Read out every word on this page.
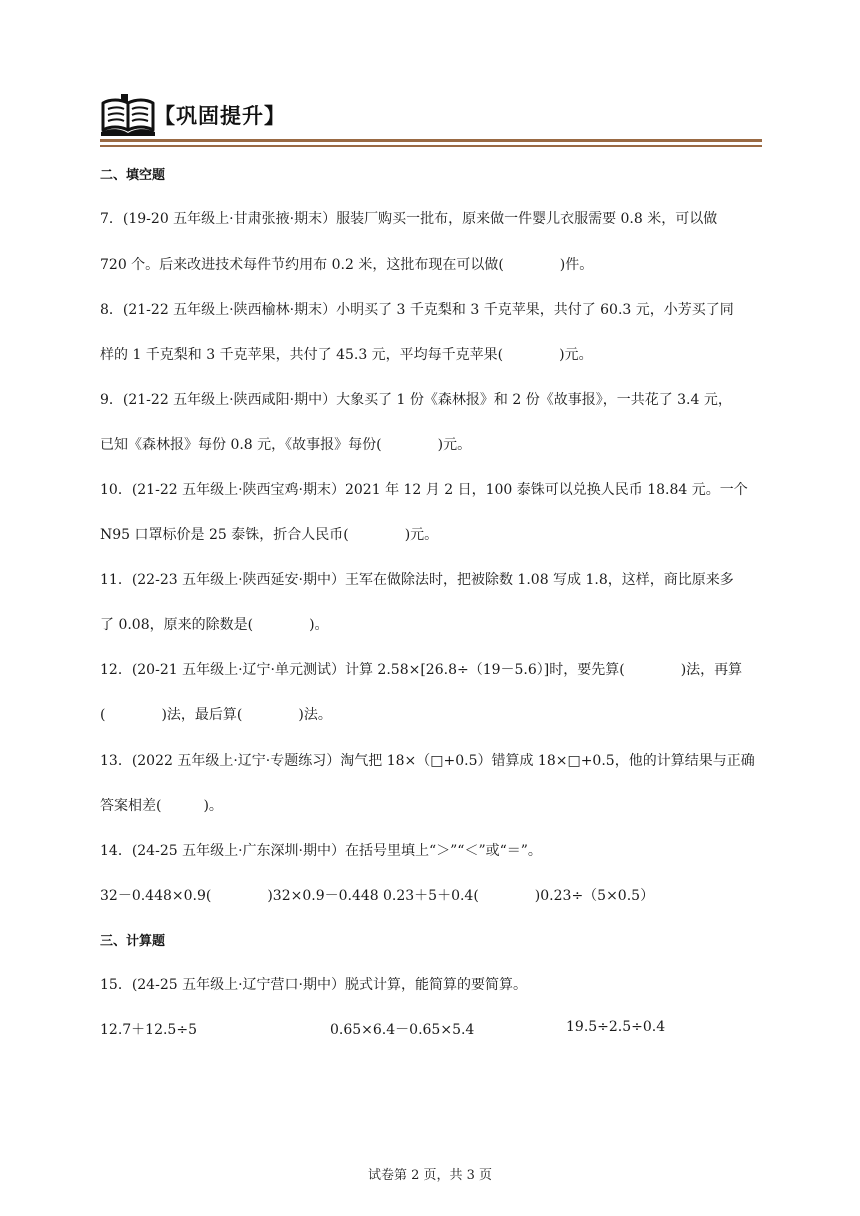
【巩固提升】
二、填空题
7．(19-20 五年级上·甘肃张掖·期末）服装厂购买一批布，原来做一件婴儿衣服需要 0.8 米，可以做
720 个。后来改进技术每件节约用布 0.2 米，这批布现在可以做(　　　　)件。
8．(21-22 五年级上·陕西榆林·期末）小明买了 3 千克梨和 3 千克苹果，共付了 60.3 元，小芳买了同
样的 1 千克梨和 3 千克苹果，共付了 45.3 元，平均每千克苹果(　　　　)元。
9．(21-22 五年级上·陕西咸阳·期中）大象买了 1 份《森林报》和 2 份《故事报》，一共花了 3.4 元，
已知《森林报》每份 0.8 元，《故事报》每份(　　　　)元。
10．(21-22 五年级上·陕西宝鸡·期末）2021 年 12 月 2 日，100 泰铢可以兑换人民币 18.84 元。一个
N95 口罩标价是 25 泰铢，折合人民币(　　　　)元。
11．(22-23 五年级上·陕西延安·期中）王军在做除法时，把被除数 1.08 写成 1.8，这样，商比原来多
了 0.08，原来的除数是(　　　　)。
12．(20-21 五年级上·辽宁·单元测试）计算 2.58×[26.8÷（19－5.6）]时，要先算(　　　　)法，再算
(　　　　)法，最后算(　　　　)法。
13．(2022 五年级上·辽宁·专题练习）淘气把 18×（□+0.5）错算成 18×□+0.5，他的计算结果与正确
答案相差(　　　)。
14．(24-25 五年级上·广东深圳·期中）在括号里填上“＞”“＜”或“＝”。
32－0.448×0.9(　　　　)32×0.9－0.448 0.23＋5＋0.4(　　　　)0.23÷（5×0.5）
三、计算题
15．(24-25 五年级上·辽宁营口·期中）脱式计算，能简算的要简算。
12.7＋12.5÷5	0.65×6.4－0.65×5.4	19.5÷2.5÷0.4
试卷第 2 页，共 3 页
